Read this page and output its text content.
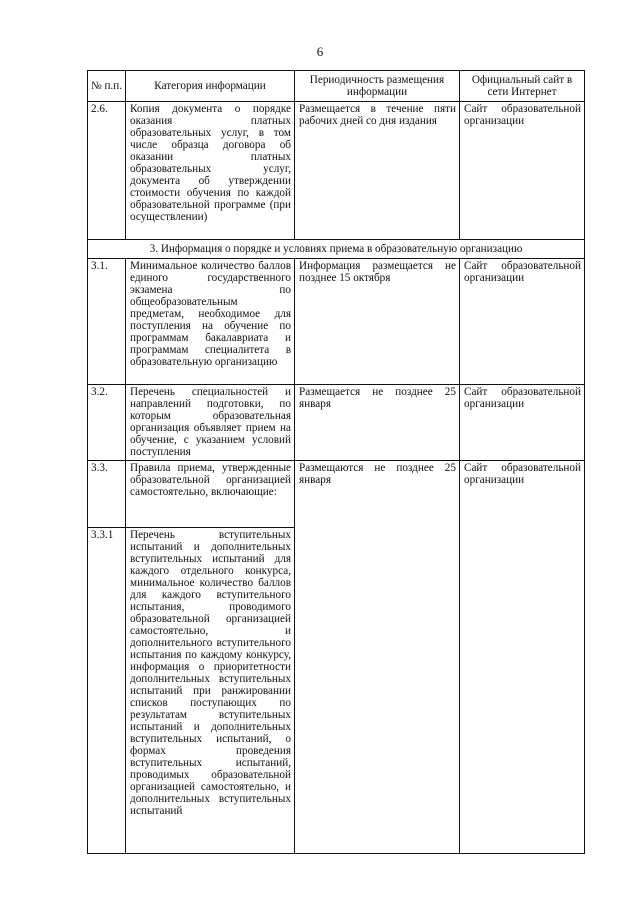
6
№ п.п.	Категория информации	Периодичность размещения информации	Официальный сайт в сети Интернет
2.6.	Копия документа о порядке оказания платных образовательных услуг, в том числе образца договора об оказании платных образовательных услуг, документа об утверждении стоимости обучения по каждой образовательной программе (при осуществлении)	Размещается в течение пяти рабочих дней со дня издания	Сайт образовательной организации
3. Информация о порядке и условиях приема в образовательную организацию			
3.1.	Минимальное количество баллов единого государственного экзамена по общеобразовательным предметам, необходимое для поступления на обучение по программам бакалавриата и программам специалитета в образовательную организацию	Информация размещается не позднее 15 октября	Сайт образовательной организации
3.2.	Перечень специальностей и направлений подготовки, по которым образовательная организация объявляет прием на обучение, с указанием условий поступления	Размещается не позднее 25 января	Сайт образовательной организации
3.3.	Правила приема, утвержденные образовательной организацией самостоятельно, включающие:	Размещаются не позднее 25 января	Сайт образовательной организации
3.3.1	Перечень вступительных испытаний и дополнительных вступительных испытаний для каждого отдельного конкурса, минимальное количество баллов для каждого вступительного испытания, проводимого образовательной организацией самостоятельно, и дополнительного вступительного испытания по каждому конкурсу, информация о приоритетности дополнительных вступительных испытаний при ранжировании списков поступающих по результатам вступительных испытаний и дополнительных вступительных испытаний, о формах проведения вступительных испытаний, проводимых образовательной организацией самостоятельно, и дополнительных вступительных испытаний		
